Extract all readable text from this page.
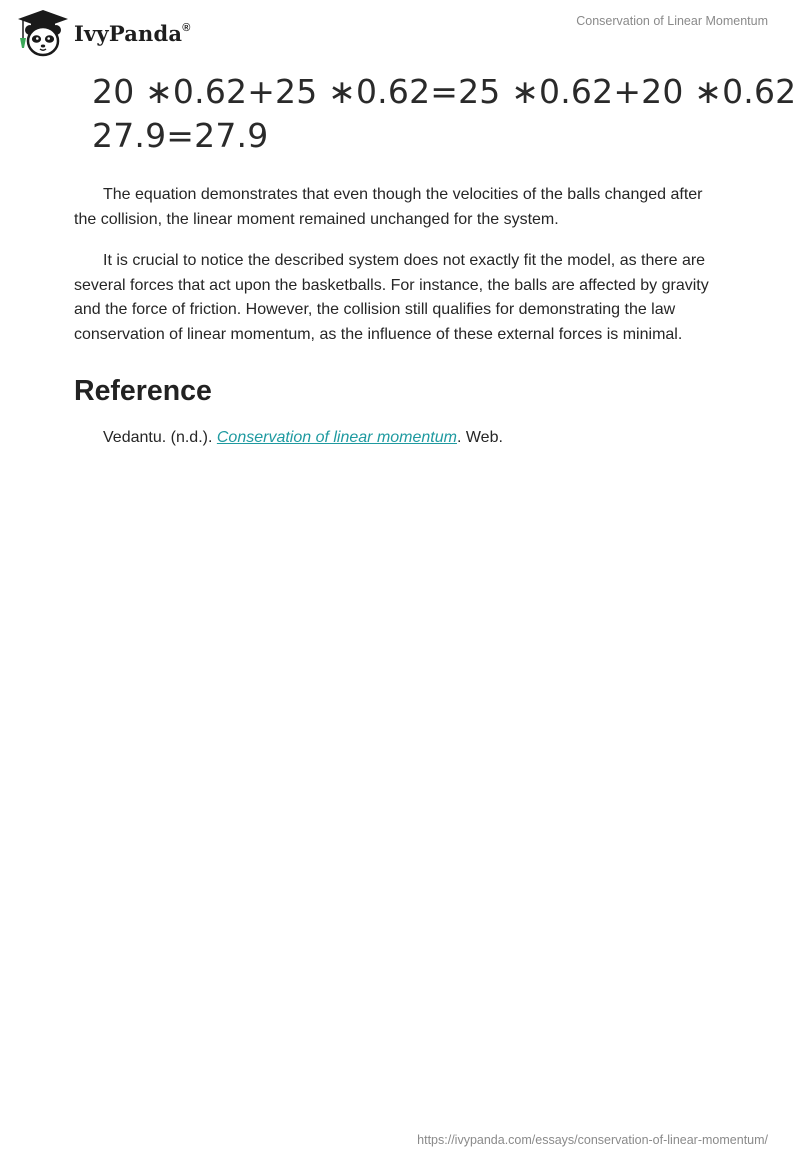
IvyPanda®	Conservation of Linear Momentum
20 ∗0.62+25 ∗0.62=25 ∗0.62+20 ∗0.62
27.9=27.9

The equation demonstrates that even though the velocities of the balls changed after the collision, the linear moment remained unchanged for the system.

It is crucial to notice the described system does not exactly fit the model, as there are several forces that act upon the basketballs. For instance, the balls are affected by gravity and the force of friction. However, the collision still qualifies for demonstrating the law conservation of linear momentum, as the influence of these external forces is minimal.

Reference

Vedantu. (n.d.). Conservation of linear momentum. Web.

https://ivypanda.com/essays/conservation-of-linear-momentum/
